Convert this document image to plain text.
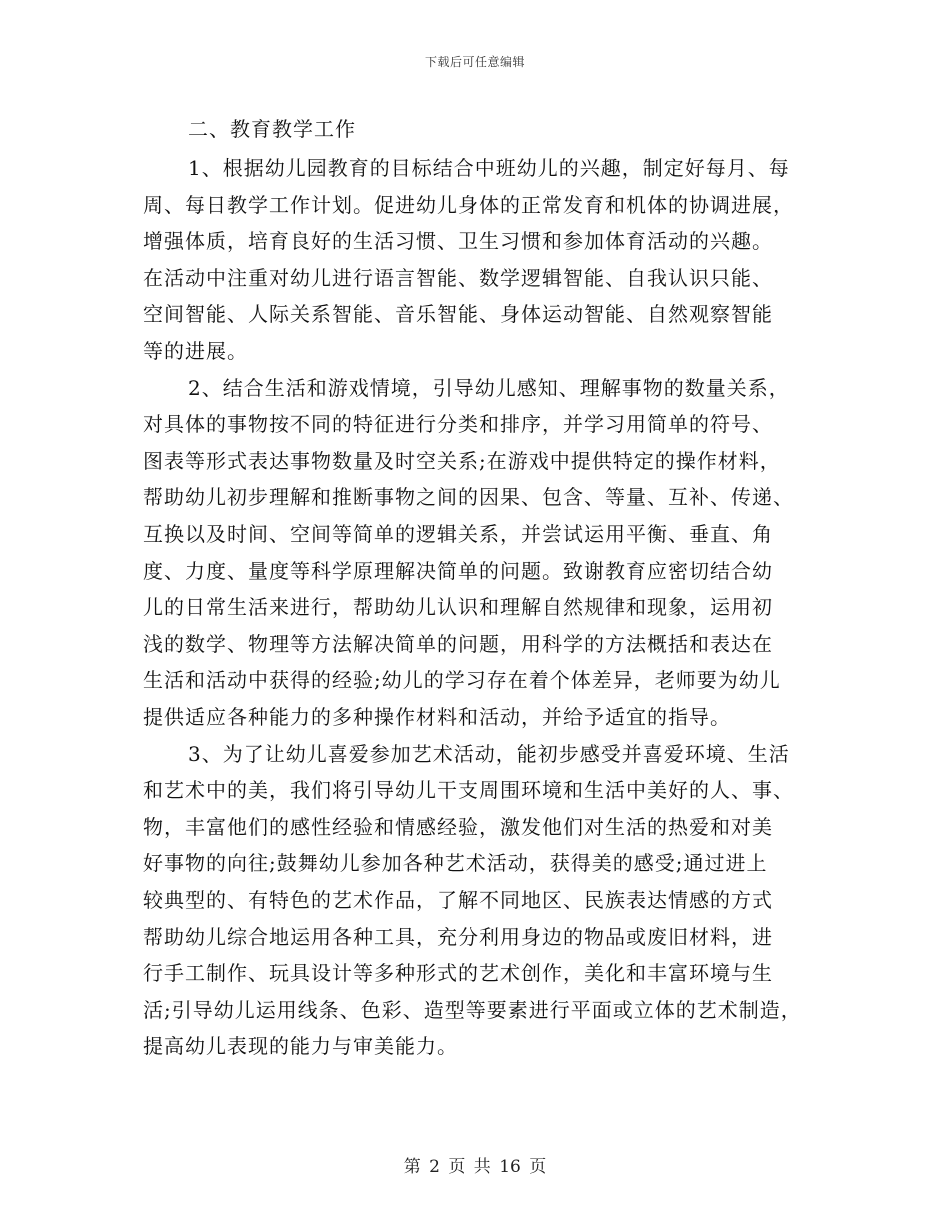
下载后可任意编辑
二、教育教学工作
1、根据幼儿园教育的目标结合中班幼儿的兴趣，制定好每月、每
周、每日教学工作计划。促进幼儿身体的正常发育和机体的协调进展，
增强体质，培育良好的生活习惯、卫生习惯和参加体育活动的兴趣。
在活动中注重对幼儿进行语言智能、数学逻辑智能、自我认识只能、
空间智能、人际关系智能、音乐智能、身体运动智能、自然观察智能
等的进展。
2、结合生活和游戏情境，引导幼儿感知、理解事物的数量关系，
对具体的事物按不同的特征进行分类和排序，并学习用简单的符号、
图表等形式表达事物数量及时空关系;在游戏中提供特定的操作材料，
帮助幼儿初步理解和推断事物之间的因果、包含、等量、互补、传递、
互换以及时间、空间等简单的逻辑关系，并尝试运用平衡、垂直、角
度、力度、量度等科学原理解决简单的问题。致谢教育应密切结合幼
儿的日常生活来进行，帮助幼儿认识和理解自然规律和现象，运用初
浅的数学、物理等方法解决简单的问题，用科学的方法概括和表达在
生活和活动中获得的经验;幼儿的学习存在着个体差异，老师要为幼儿
提供适应各种能力的多种操作材料和活动，并给予适宜的指导。
3、为了让幼儿喜爱参加艺术活动，能初步感受并喜爱环境、生活
和艺术中的美，我们将引导幼儿干支周围环境和生活中美好的人、事、
物，丰富他们的感性经验和情感经验，激发他们对生活的热爱和对美
好事物的向往;鼓舞幼儿参加各种艺术活动，获得美的感受;通过进上
较典型的、有特色的艺术作品，了解不同地区、民族表达情感的方式
帮助幼儿综合地运用各种工具，充分利用身边的物品或废旧材料，进
行手工制作、玩具设计等多种形式的艺术创作，美化和丰富环境与生
活;引导幼儿运用线条、色彩、造型等要素进行平面或立体的艺术制造，
提高幼儿表现的能力与审美能力。
第 2 页 共 16 页
